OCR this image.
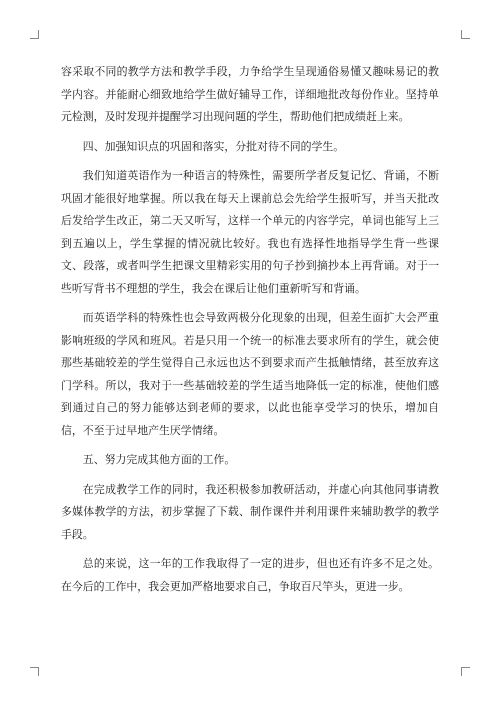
容采取不同的教学方法和教学手段，力争给学生呈现通俗易懂又趣味易记的教学内容。并能耐心细致地给学生做好辅导工作，详细地批改每份作业。坚持单元检测，及时发现并提醒学习出现问题的学生，帮助他们把成绩赶上来。

四、加强知识点的巩固和落实，分批对待不同的学生。

我们知道英语作为一种语言的特殊性，需要所学者反复记忆、背诵，不断巩固才能很好地掌握。所以我在每天上课前总会先给学生报听写，并当天批改后发给学生改正，第二天又听写，这样一个单元的内容学完，单词也能写上三到五遍以上，学生掌握的情况就比较好。我也有选择性地指导学生背一些课文、段落，或者叫学生把课文里精彩实用的句子抄到摘抄本上再背诵。对于一些听写背书不理想的学生，我会在课后让他们重新听写和背诵。

而英语学科的特殊性也会导致两极分化现象的出现，但差生面扩大会严重影响班级的学风和班风。若是只用一个统一的标准去要求所有的学生，就会使那些基础较差的学生觉得自己永远也达不到要求而产生抵触情绪，甚至放弃这门学科。所以，我对于一些基础较差的学生适当地降低一定的标准，使他们感到通过自己的努力能够达到老师的要求，以此也能享受学习的快乐，增加自信，不至于过早地产生厌学情绪。

五、努力完成其他方面的工作。

在完成教学工作的同时，我还积极参加教研活动，并虚心向其他同事请教多媒体教学的方法，初步掌握了下载、制作课件并利用课件来辅助教学的教学手段。

总的来说，这一年的工作我取得了一定的进步，但也还有许多不足之处。在今后的工作中，我会更加严格地要求自己，争取百尺竿头，更进一步。
